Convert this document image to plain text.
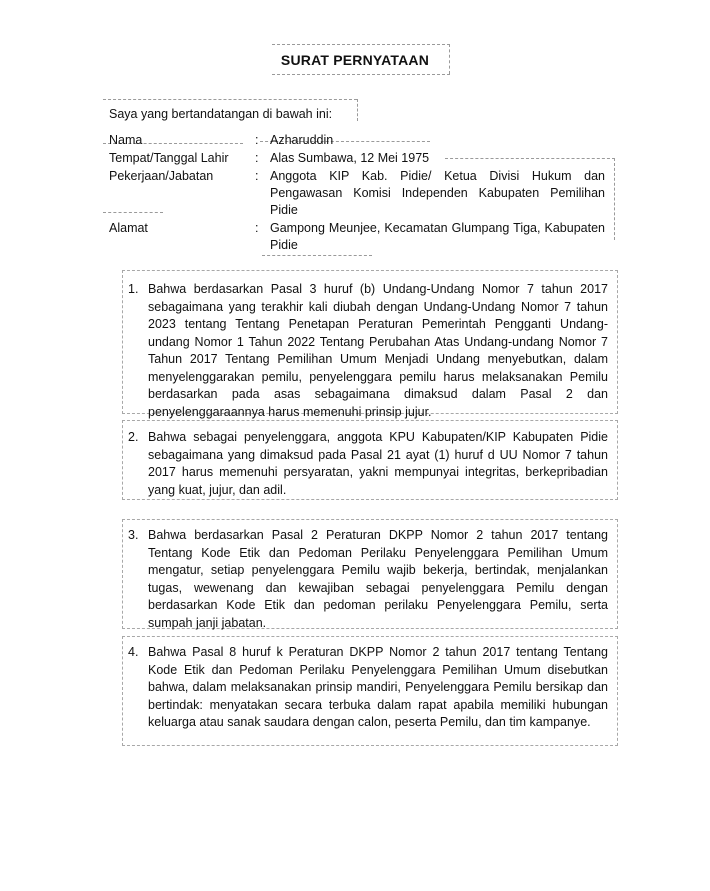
SURAT PERNYATAAN
Saya yang bertandatangan di bawah ini:
Nama	: Azharuddin
Tempat/Tanggal Lahir : Alas Sumbawa, 12 Mei 1975
Pekerjaan/Jabatan	: Anggota KIP Kab. Pidie/ Ketua Divisi Hukum dan Pengawasan Komisi Independen Kabupaten Pemilihan Pidie
Alamat	: Gampong Meunjee, Kecamatan Glumpang Tiga, Kabupaten Pidie
1. Bahwa berdasarkan Pasal 3 huruf (b) Undang-Undang Nomor 7 tahun 2017 sebagaimana yang terakhir kali diubah dengan Undang-Undang Nomor 7 tahun 2023 tentang Tentang Penetapan Peraturan Pemerintah Pengganti Undang-undang Nomor 1 Tahun 2022 Tentang Perubahan Atas Undang-undang Nomor 7 Tahun 2017 Tentang Pemilihan Umum Menjadi Undang menyebutkan, dalam menyelenggarakan pemilu, penyelenggara pemilu harus melaksanakan Pemilu berdasarkan pada asas sebagaimana dimaksud dalam Pasal 2 dan penyelenggaraannya harus memenuhi prinsip jujur.
2. Bahwa sebagai penyelenggara, anggota KPU Kabupaten/KIP Kabupaten Pidie sebagaimana yang dimaksud pada Pasal 21 ayat (1) huruf d UU Nomor 7 tahun 2017 harus memenuhi persyaratan, yakni mempunyai integritas, berkepribadian yang kuat, jujur, dan adil.
3. Bahwa berdasarkan Pasal 2 Peraturan DKPP Nomor 2 tahun 2017 tentang Tentang Kode Etik dan Pedoman Perilaku Penyelenggara Pemilihan Umum mengatur, setiap penyelenggara Pemilu wajib bekerja, bertindak, menjalankan tugas, wewenang dan kewajiban sebagai penyelenggara Pemilu dengan berdasarkan Kode Etik dan pedoman perilaku Penyelenggara Pemilu, serta sumpah janji jabatan.
4. Bahwa Pasal 8 huruf k Peraturan DKPP Nomor 2 tahun 2017 tentang Tentang Kode Etik dan Pedoman Perilaku Penyelenggara Pemilihan Umum disebutkan bahwa, dalam melaksanakan prinsip mandiri, Penyelenggara Pemilu bersikap dan bertindak: menyatakan secara terbuka dalam rapat apabila memiliki hubungan keluarga atau sanak saudara dengan calon, peserta Pemilu, dan tim kampanye.
